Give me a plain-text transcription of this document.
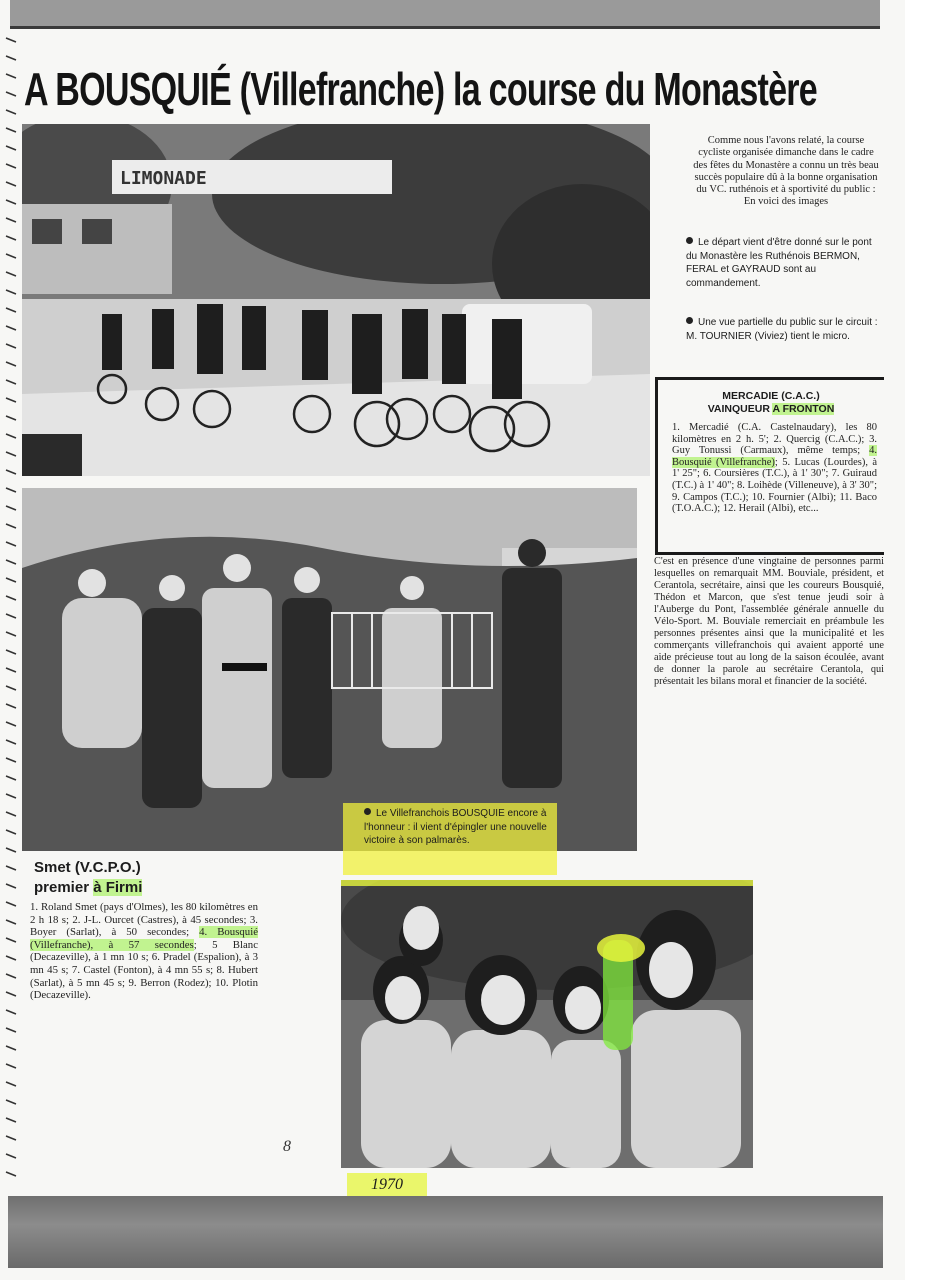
A BOUSQUIÉ (Villefranche) la course du Monastère
LIMONADE
Comme nous l'avons relaté, la course cycliste organisée dimanche dans le cadre des fêtes du Monastère a connu un très beau succès populaire dû à la bonne organisation du VC. ruthénois et à sportivité du public : En voici des images
Le départ vient d'être donné sur le pont du Monastère les Ruthénois BERMON, FERAL et GAYRAUD sont au commandement.
Une vue partielle du public sur le circuit : M. TOURNIER (Viviez) tient le micro.
MERCADIE (C.A.C.)
VAINQUEUR A FRONTON
1. Mercadié (C.A. Castelnaudary), les 80 kilomètres en 2 h. 5'; 2. Quercig (C.A.C.); 3. Guy Tonussi (Carmaux), même temps; 4. Bousquié (Villefranche); 5. Lucas (Lourdes), à 1' 25"; 6. Coursières (T.C.), à 1' 30"; 7. Guiraud (T.C.) à 1' 40"; 8. Loihède (Villeneuve), à 3' 30"; 9. Campos (T.C.); 10. Fournier (Albi); 11. Baco (T.O.A.C.); 12. Herail (Albi), etc...
C'est en présence d'une vingtaine de personnes parmi lesquelles on remarquait MM. Bouviale, président, et Cerantola, secrétaire, ainsi que les coureurs Bousquié, Thédon et Marcon, que s'est tenue jeudi soir à l'Auberge du Pont, l'assemblée générale annuelle du Vélo-Sport. M. Bouviale remerciait en préambule les personnes présentes ainsi que la municipalité et les commerçants villefranchois qui avaient apporté une aide précieuse tout au long de la saison écoulée, avant de donner la parole au secrétaire Cerantola, qui présentait les bilans moral et financier de la société.
Le Villefranchois BOUSQUIE encore à l'honneur : il vient d'épingler une nouvelle victoire à son palmarès.
Smet (V.C.P.O.)
premier à Firmi
1. Roland Smet (pays d'Olmes), les 80 kilomètres en 2 h 18 s; 2. J-L. Ourcet (Castres), à 45 secondes; 3. Boyer (Sarlat), à 50 secondes; 4. Bousquié (Villefranche), à 57 secondes; 5 Blanc (Decazeville), à 1 mn 10 s; 6. Pradel (Espalion), à 3 mn 45 s; 7. Castel (Fonton), à 4 mn 55 s; 8. Hubert (Sarlat), à 5 mn 45 s; 9. Berron (Rodez); 10. Plotin (Decazeville).
8
1970
